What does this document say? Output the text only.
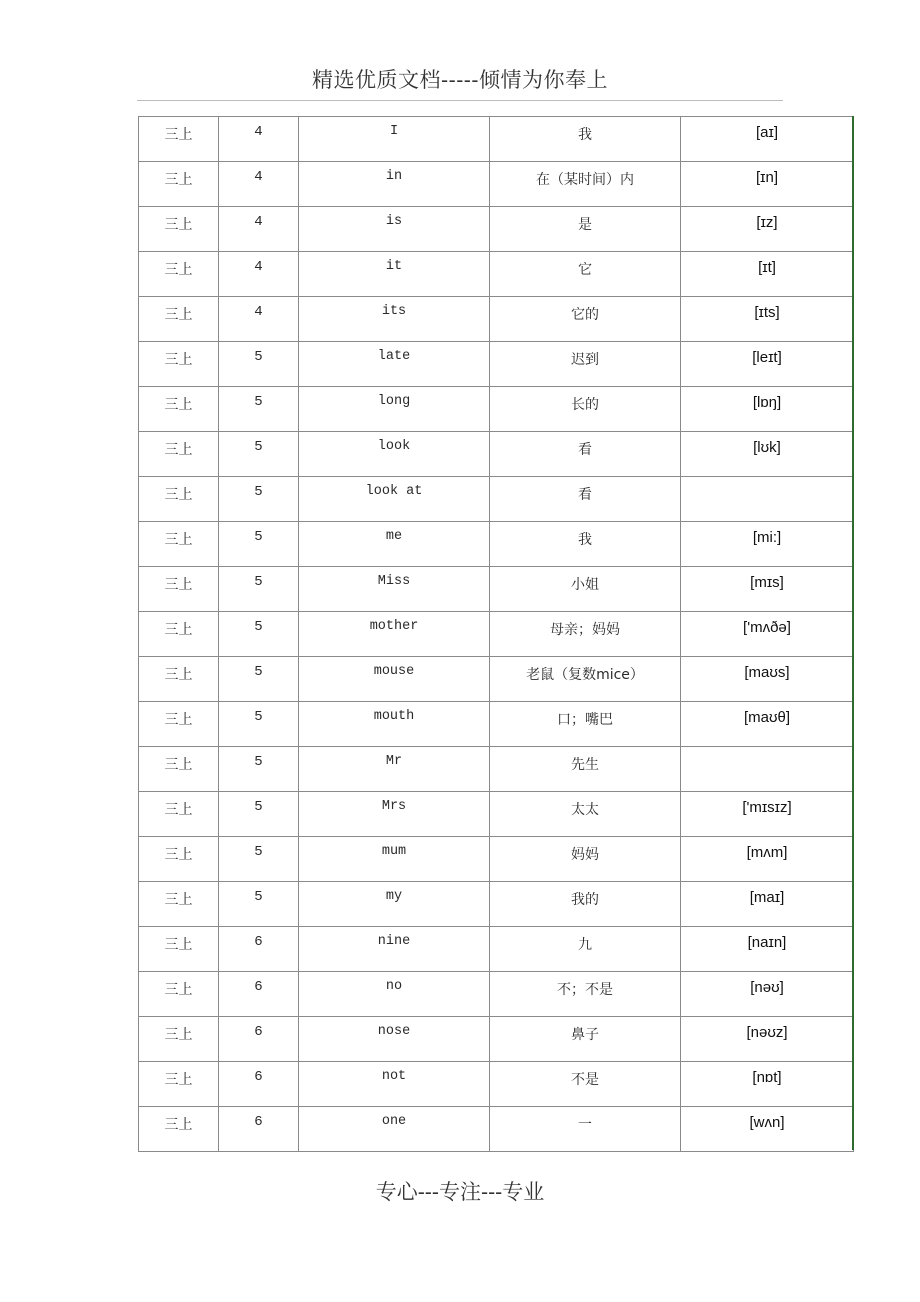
精选优质文档-----倾情为你奉上
三上	4	I	我	[aɪ]
三上	4	in	在（某时间）内	[ɪn]
三上	4	is	是	[ɪz]
三上	4	it	它	[ɪt]
三上	4	its	它的	[ɪts]
三上	5	late	迟到	[leɪt]
三上	5	long	长的	[lɒŋ]
三上	5	look	看	[lʊk]
三上	5	look at	看	
三上	5	me	我	[mi:]
三上	5	Miss	小姐	[mɪs]
三上	5	mother	母亲；妈妈	['mʌðə]
三上	5	mouse	老鼠（复数mice）	[maʊs]
三上	5	mouth	口；嘴巴	[maʊθ]
三上	5	Mr	先生	
三上	5	Mrs	太太	['mɪsɪz]
三上	5	mum	妈妈	[mʌm]
三上	5	my	我的	[maɪ]
三上	6	nine	九	[naɪn]
三上	6	no	不；不是	[nəʊ]
三上	6	nose	鼻子	[nəʊz]
三上	6	not	不是	[nɒt]
三上	6	one	一	[wʌn]
专心---专注---专业
